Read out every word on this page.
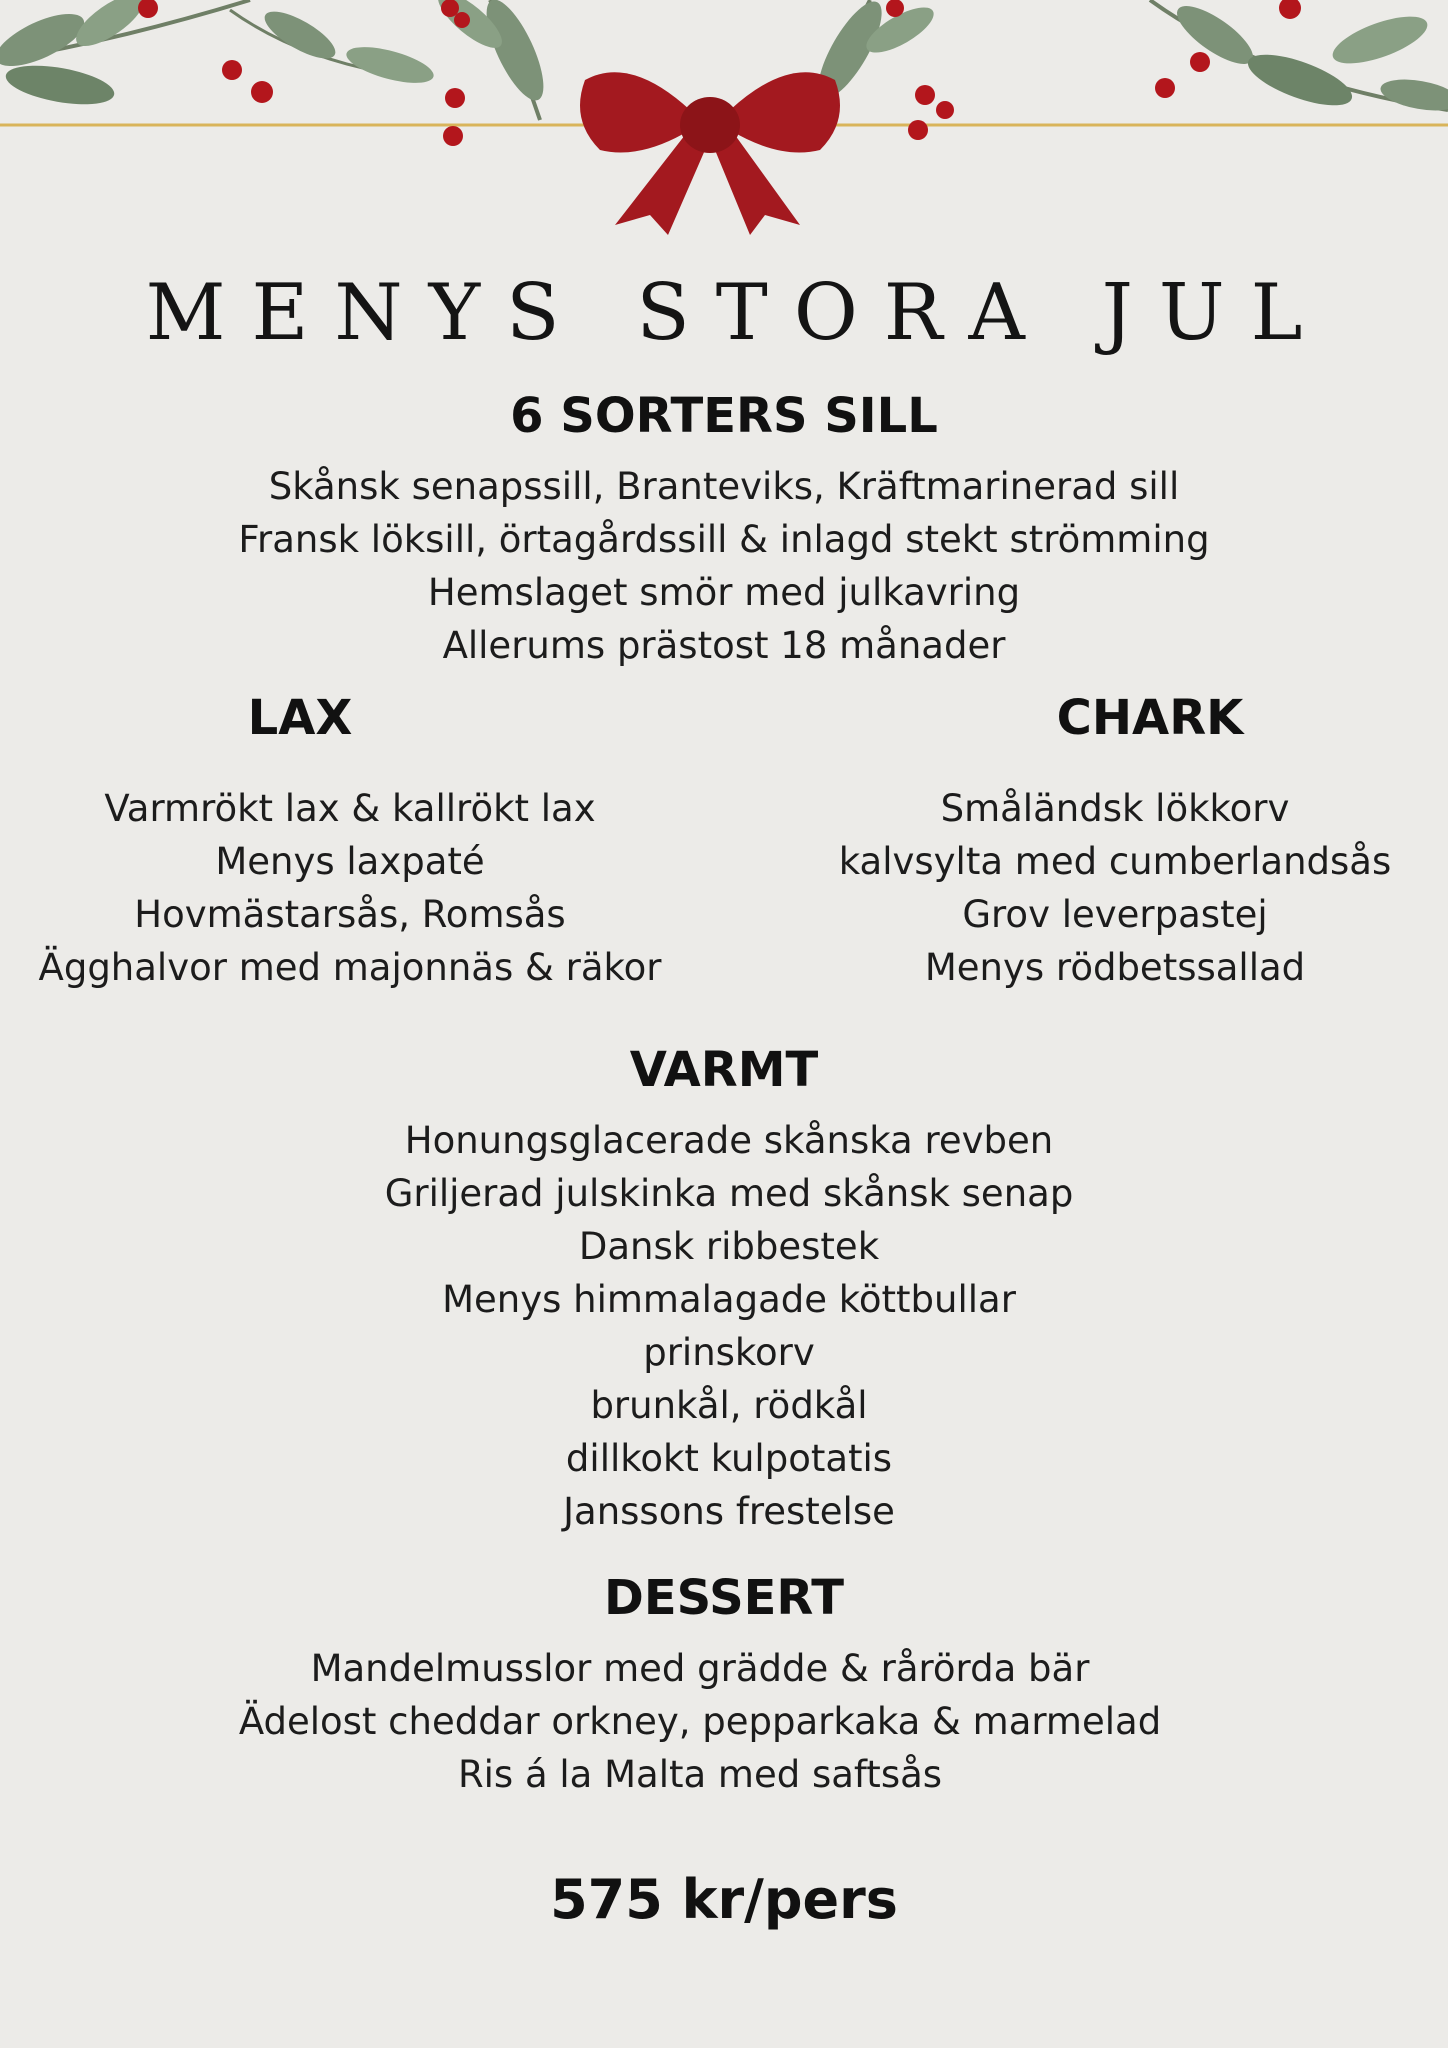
MENYS STORA JUL
6 SORTERS SILL
Skånsk senapssill, Branteviks, Kräftmarinerad sill
Fransk löksill, örtagårdssill & inlagd stekt strömming
Hemslaget smör med julkavring
Allerums prästost 18 månader
LAX
Varmrökt lax & kallrökt lax
Menys laxpaté
Hovmästarsås, Romsås
Ägghalvor med majonnäs & räkor
CHARK
Småländsk lökkorv
kalvsylta med cumberlandsås
Grov leverpastej
Menys rödbetssallad
VARMT
Honungsglacerade skånska revben
Griljerad julskinka med skånsk senap
Dansk ribbestek
Menys himmalagade köttbullar
prinskorv
brunkål, rödkål
dillkokt kulpotatis
Janssons frestelse
DESSERT
Mandelmusslor med grädde & rårörda bär
Ädelost cheddar orkney, pepparkaka & marmelad
Ris á la Malta med saftsås
575 kr/pers
